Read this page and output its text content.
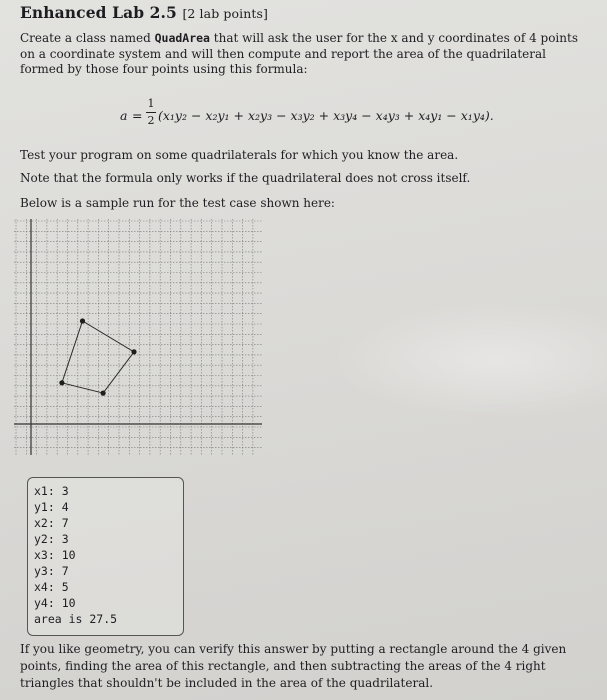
Enhanced Lab 2.5 [2 lab points]
Create a class named QuadArea that will ask the user for the x and y coordinates of 4 points
on a coordinate system and will then compute and report the area of the quadrilateral
formed by those four points using this formula:
a =
1
2 (x₁y₂ − x₂y₁ + x₂y₃ − x₃y₂ + x₃y₄ − x₄y₃ + x₄y₁ − x₁y₄).
Test your program on some quadrilaterals for which you know the area.
Note that the formula only works if the quadrilateral does not cross itself.
Below is a sample run for the test case shown here:
x1: 3
y1: 4
x2: 7
y2: 3
x3: 10
y3: 7
x4: 5
y4: 10
area is 27.5
If you like geometry, you can verify this answer by putting a rectangle around the 4 given
points, finding the area of this rectangle, and then subtracting the areas of the 4 right
triangles that shouldn't be included in the area of the quadrilateral.
